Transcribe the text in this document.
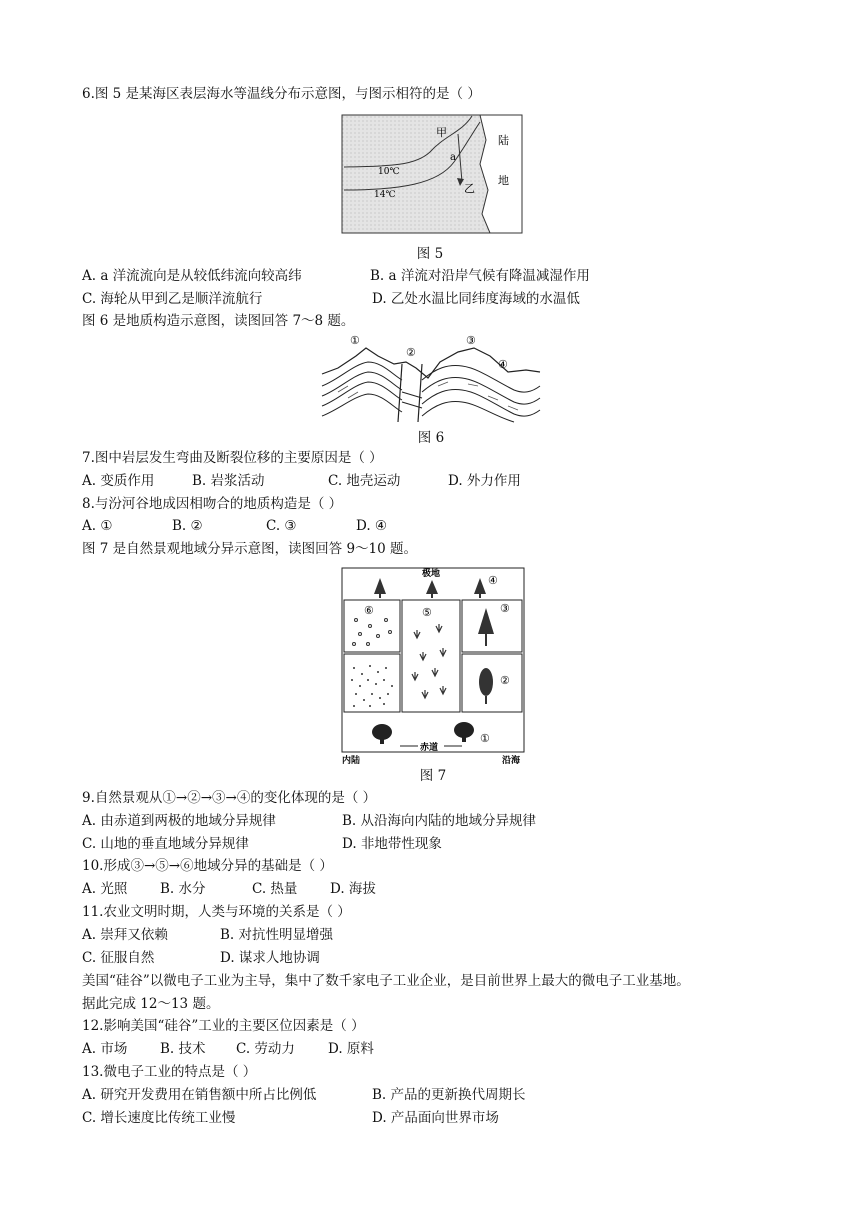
6.图 5 是某海区表层海水等温线分布示意图，与图示相符的是（ ）
甲
a
乙
10℃
14℃
陆
地
图 5
A. a 洋流流向是从较低纬流向较高纬	B. a 洋流对沿岸气候有降温减湿作用
C. 海轮从甲到乙是顺洋流航行	D. 乙处水温比同纬度海域的水温低
图 6 是地质构造示意图，读图回答 7～8 题。
①
②
③
④
图 6
7.图中岩层发生弯曲及断裂位移的主要原因是（ ）
A. 变质作用	B. 岩浆活动	C. 地壳运动	D. 外力作用
8.与汾河谷地成因相吻合的地质构造是（ ）
A. ①	B. ②	C. ③	D. ④
图 7 是自然景观地域分异示意图，读图回答 9～10 题。
极地	④
⑥	⑤	③
②
①
赤道
内陆	沿海
图 7
9.自然景观从①→②→③→④的变化体现的是（ ）
A. 由赤道到两极的地域分异规律	B. 从沿海向内陆的地域分异规律
C. 山地的垂直地域分异规律	D. 非地带性现象
10.形成③→⑤→⑥地域分异的基础是（ ）
A. 光照 B. 水分	C. 热量 D. 海拔
11.农业文明时期，人类与环境的关系是（ ）
A. 崇拜又依赖	B. 对抗性明显增强
C. 征服自然	D. 谋求人地协调
美国“硅谷”以微电子工业为主导，集中了数千家电子工业企业，是目前世界上最大的微电子工业基地。
据此完成 12～13 题。
12.影响美国“硅谷”工业的主要区位因素是（ ）
A. 市场 B. 技术 C. 劳动力 D. 原料
13.微电子工业的特点是（ ）
A. 研究开发费用在销售额中所占比例低	B. 产品的更新换代周期长
C. 增长速度比传统工业慢	D. 产品面向世界市场
